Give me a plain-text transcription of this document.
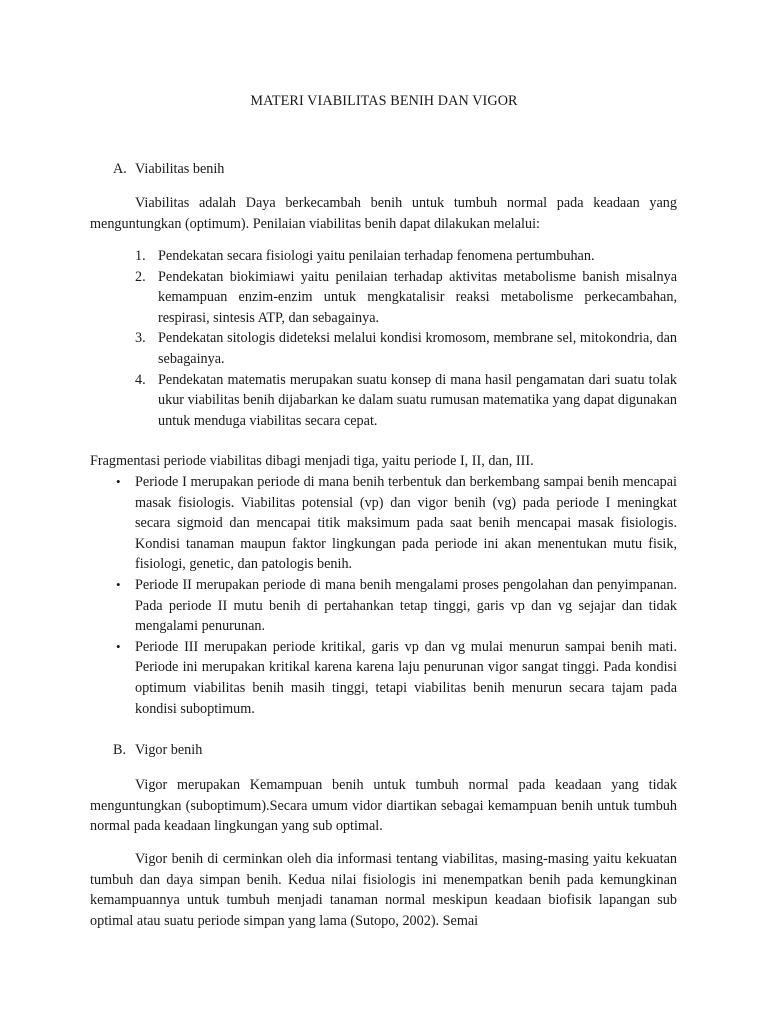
MATERI VIABILITAS BENIH DAN VIGOR
A. Viabilitas benih
Viabilitas adalah Daya berkecambah benih untuk tumbuh normal pada keadaan yang menguntungkan (optimum). Penilaian viabilitas benih dapat dilakukan melalui:
1. Pendekatan secara fisiologi yaitu penilaian terhadap fenomena pertumbuhan.
2. Pendekatan biokimiawi yaitu penilaian terhadap aktivitas metabolisme banish misalnya kemampuan enzim-enzim untuk mengkatalisir reaksi metabolisme perkecambahan, respirasi, sintesis ATP, dan sebagainya.
3. Pendekatan sitologis dideteksi melalui kondisi kromosom, membrane sel, mitokondria, dan sebagainya.
4. Pendekatan matematis merupakan suatu konsep di mana hasil pengamatan dari suatu tolak ukur viabilitas benih dijabarkan ke dalam suatu rumusan matematika yang dapat digunakan untuk menduga viabilitas secara cepat.
Fragmentasi periode viabilitas dibagi menjadi tiga, yaitu periode I, II, dan, III.
• Periode I merupakan periode di mana benih terbentuk dan berkembang sampai benih mencapai masak fisiologis. Viabilitas potensial (vp) dan vigor benih (vg) pada periode I meningkat secara sigmoid dan mencapai titik maksimum pada saat benih mencapai masak fisiologis. Kondisi tanaman maupun faktor lingkungan pada periode ini akan menentukan mutu fisik, fisiologi, genetic, dan patologis benih.
• Periode II merupakan periode di mana benih mengalami proses pengolahan dan penyimpanan. Pada periode II mutu benih di pertahankan tetap tinggi, garis vp dan vg sejajar dan tidak mengalami penurunan.
• Periode III merupakan periode kritikal, garis vp dan vg mulai menurun sampai benih mati. Periode ini merupakan kritikal karena karena laju penurunan vigor sangat tinggi. Pada kondisi optimum viabilitas benih masih tinggi, tetapi viabilitas benih menurun secara tajam pada kondisi suboptimum.
B. Vigor benih
Vigor merupakan Kemampuan benih untuk tumbuh normal pada keadaan yang tidak menguntungkan (suboptimum).Secara umum vidor diartikan sebagai kemampuan benih untuk tumbuh normal pada keadaan lingkungan yang sub optimal.
Vigor benih di cerminkan oleh dia informasi tentang viabilitas, masing-masing yaitu kekuatan tumbuh dan daya simpan benih. Kedua nilai fisiologis ini menempatkan benih pada kemungkinan kemampuannya untuk tumbuh menjadi tanaman normal meskipun keadaan biofisik lapangan sub optimal atau suatu periode simpan yang lama (Sutopo, 2002). Semai
